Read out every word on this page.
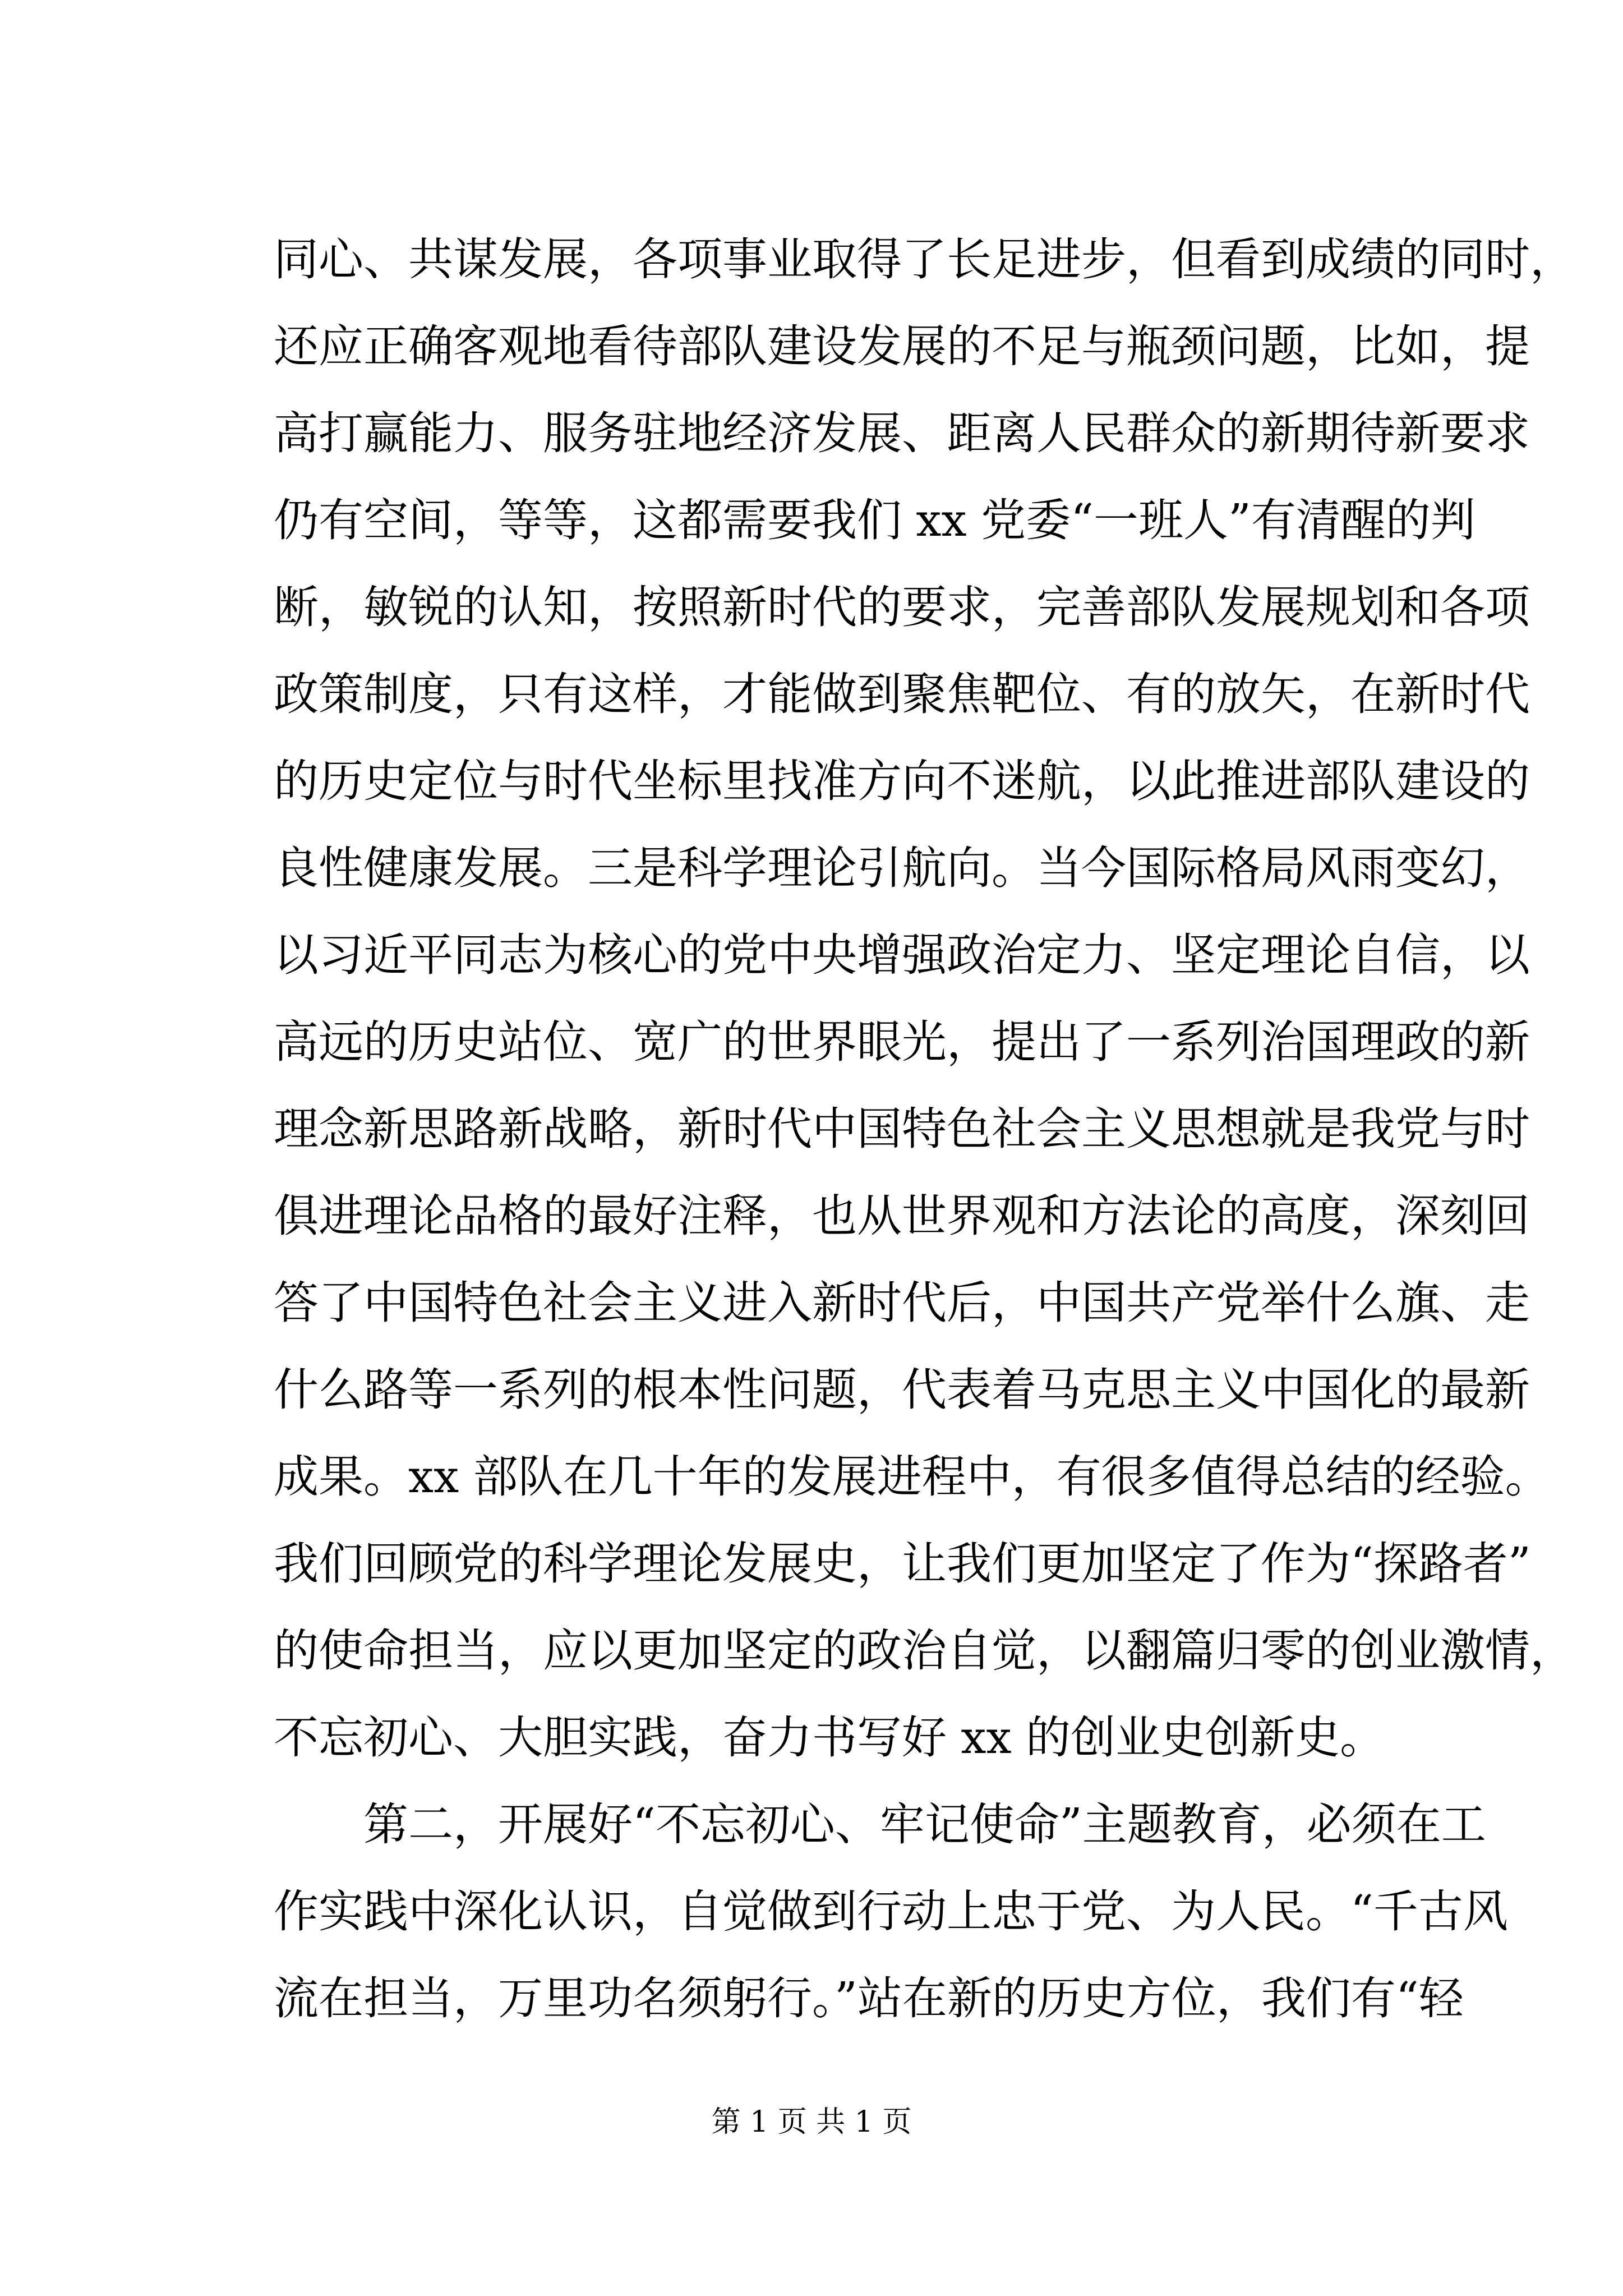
同心、共谋发展，各项事业取得了长足进步，但看到成绩的同时，
还应正确客观地看待部队建设发展的不足与瓶颈问题，比如，提
高打赢能力、服务驻地经济发展、距离人民群众的新期待新要求
仍有空间，等等，这都需要我们 xx 党委“一班人”有清醒的判
断，敏锐的认知，按照新时代的要求，完善部队发展规划和各项
政策制度，只有这样，才能做到聚焦靶位、有的放矢，在新时代
的历史定位与时代坐标里找准方向不迷航，以此推进部队建设的
良性健康发展。三是科学理论引航向。当今国际格局风雨变幻，
以习近平同志为核心的党中央增强政治定力、坚定理论自信，以
高远的历史站位、宽广的世界眼光，提出了一系列治国理政的新
理念新思路新战略，新时代中国特色社会主义思想就是我党与时
俱进理论品格的最好注释，也从世界观和方法论的高度，深刻回
答了中国特色社会主义进入新时代后，中国共产党举什么旗、走
什么路等一系列的根本性问题，代表着马克思主义中国化的最新
成果。xx 部队在几十年的发展进程中，有很多值得总结的经验。
我们回顾党的科学理论发展史，让我们更加坚定了作为“探路者”
的使命担当，应以更加坚定的政治自觉，以翻篇归零的创业激情，
不忘初心、大胆实践，奋力书写好 xx 的创业史创新史。
第二，开展好“不忘初心、牢记使命”主题教育，必须在工
作实践中深化认识，自觉做到行动上忠于党、为人民。“千古风
流在担当，万里功名须躬行。”站在新的历史方位，我们有“轻
第 1 页 共 1 页
